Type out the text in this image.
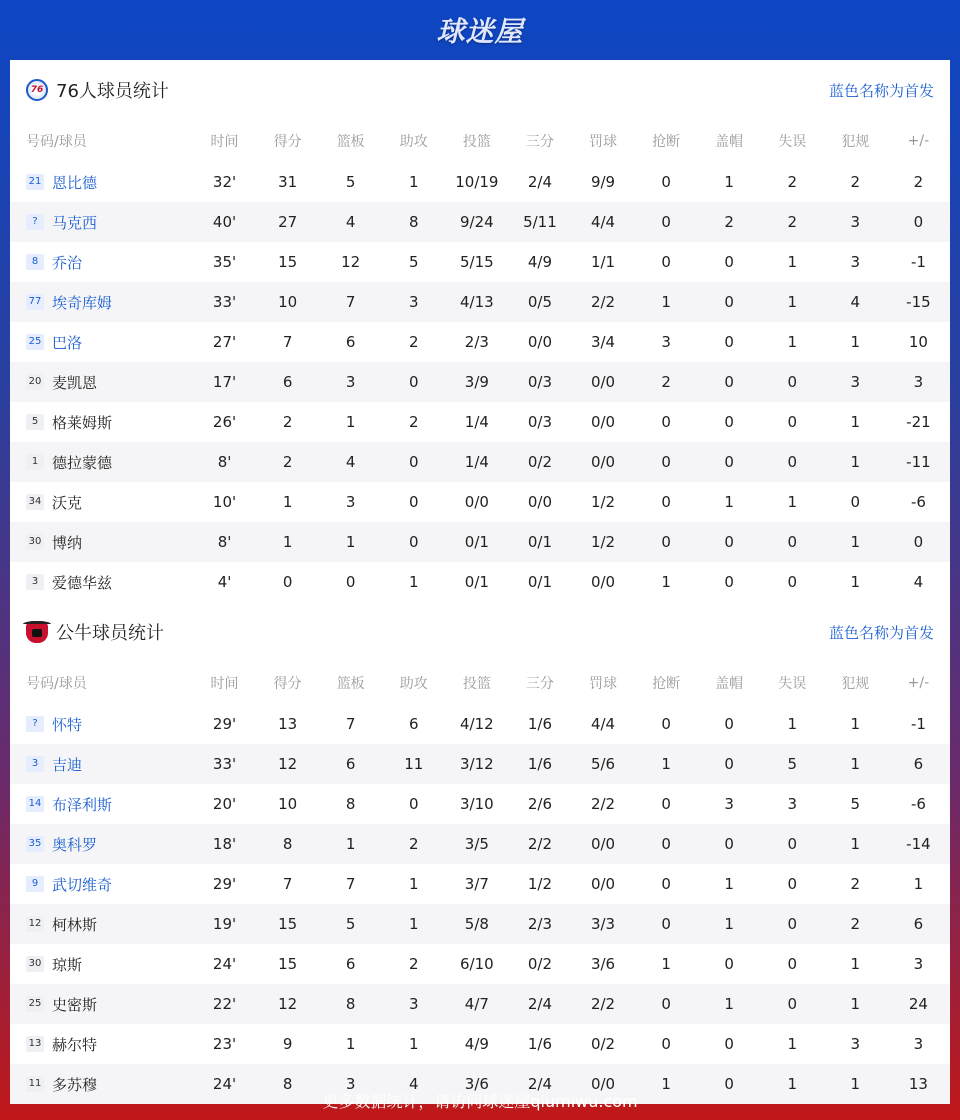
球迷屋
76
76人球员统计	蓝色名称为首发
号码/球员	时间	得分	篮板	助攻	投篮	三分	罚球	抢断	盖帽	失误	犯规	+/-
21 恩比德	32'	31	5	1	10/19	2/4	9/9	0	1	2	2	2
? 马克西	40'	27	4	8	9/24	5/11	4/4	0	2	2	3	0
8 乔治	35'	15	12	5	5/15	4/9	1/1	0	0	1	3	-1
77 埃奇库姆	33'	10	7	3	4/13	0/5	2/2	1	0	1	4	-15
25 巴洛	27'	7	6	2	2/3	0/0	3/4	3	0	1	1	10
20 麦凯恩	17'	6	3	0	3/9	0/3	0/0	2	0	0	3	3
5 格莱姆斯	26'	2	1	2	1/4	0/3	0/0	0	0	0	1	-21
1 德拉蒙德	8'	2	4	0	1/4	0/2	0/0	0	0	0	1	-11
34 沃克	10'	1	3	0	0/0	0/0	1/2	0	1	1	0	-6
30 博纳	8'	1	1	0	0/1	0/1	1/2	0	0	0	1	0
3 爱德华兹	4'	0	0	1	0/1	0/1	0/0	1	0	0	1	4
公牛球员统计	蓝色名称为首发
号码/球员	时间	得分	篮板	助攻	投篮	三分	罚球	抢断	盖帽	失误	犯规	+/-
? 怀特	29'	13	7	6	4/12	1/6	4/4	0	0	1	1	-1
3 吉迪	33'	12	6	11	3/12	1/6	5/6	1	0	5	1	6
14 布泽利斯	20'	10	8	0	3/10	2/6	2/2	0	3	3	5	-6
35 奥科罗	18'	8	1	2	3/5	2/2	0/0	0	0	0	1	-14
9 武切维奇	29'	7	7	1	3/7	1/2	0/0	0	1	0	2	1
12 柯林斯	19'	15	5	1	5/8	2/3	3/3	0	1	0	2	6
30 琼斯	24'	15	6	2	6/10	0/2	3/6	1	0	0	1	3
25 史密斯	22'	12	8	3	4/7	2/4	2/2	0	1	0	1	24
13 赫尔特	23'	9	1	1	4/9	1/6	0/2	0	0	1	3	3
11 多苏穆	24'	8	3	4	3/6	2/4	0/0	1	0	1	1	13
更多数据统计，请访问球迷屋qiumiwu.com
